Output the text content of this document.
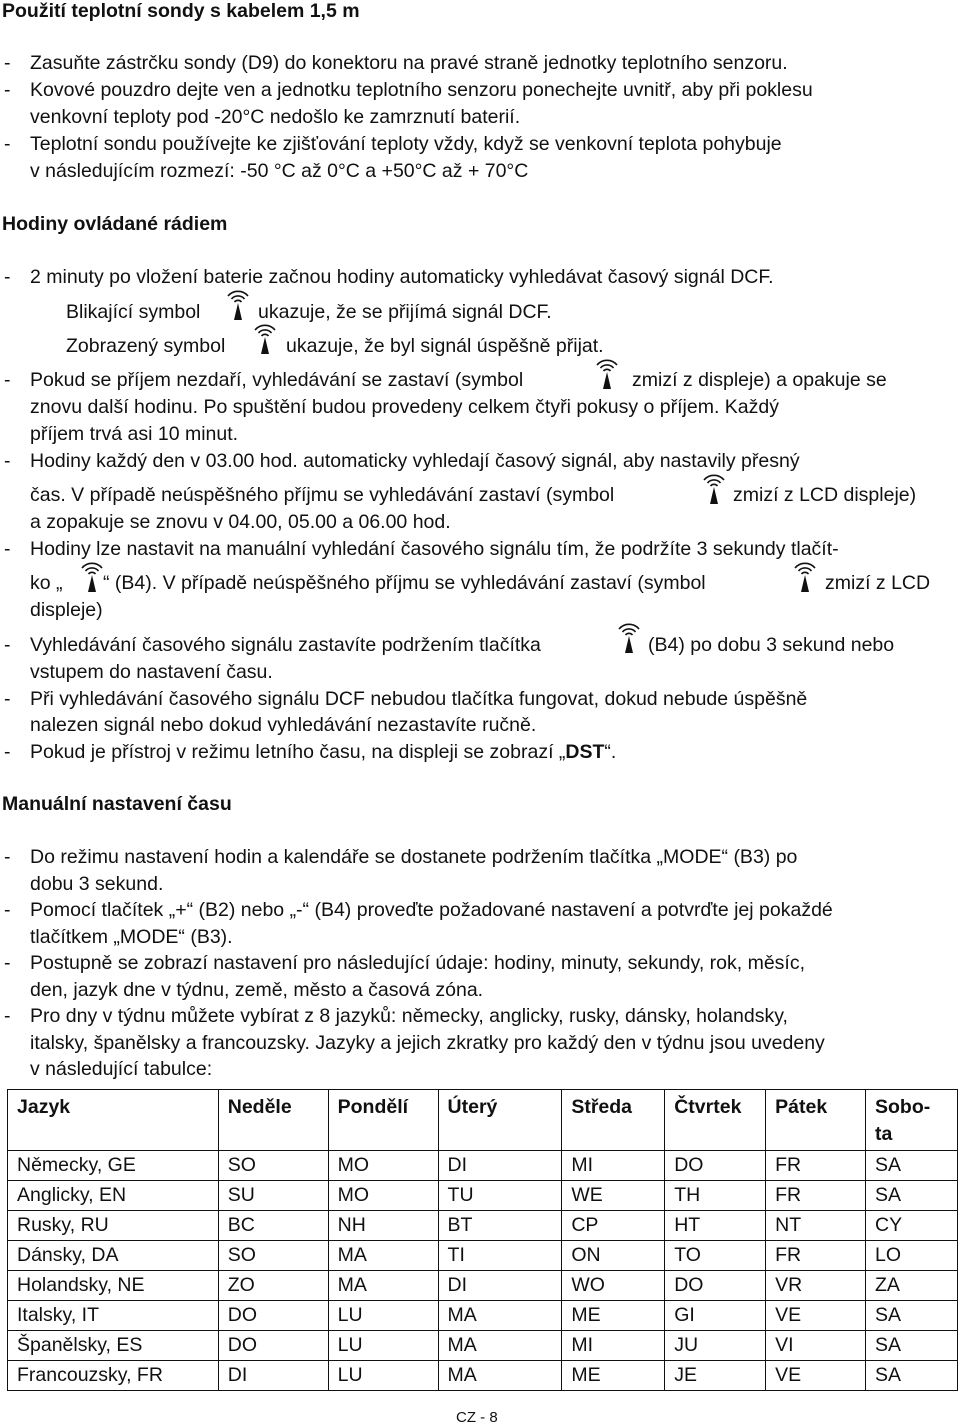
Použití teplotní sondy s kabelem 1,5 m
- Zasuňte zástrčku sondy (D9) do konektoru na pravé straně jednotky teplotního senzoru.
- Kovové pouzdro dejte ven a jednotku teplotního senzoru ponechejte uvnitř, aby při poklesu
venkovní teploty pod -20°C nedošlo ke zamrznutí baterií.
- Teplotní sondu používejte ke zjišťování teploty vždy, když se venkovní teplota pohybuje
v následujícím rozmezí: -50 °C až 0°C a +50°C až + 70°C
Hodiny ovládané rádiem
- 2 minuty po vložení baterie začnou hodiny automaticky vyhledávat časový signál DCF.
Blikající symbol	ukazuje, že se přijímá signál DCF.
Zobrazený symbol	ukazuje, že byl signál úspěšně přijat.
- Pokud se příjem nezdaří, vyhledávání se zastaví (symbol	zmizí z displeje) a opakuje se
znovu další hodinu. Po spuštění budou provedeny celkem čtyři pokusy o příjem. Každý
příjem trvá asi 10 minut.
- Hodiny každý den v 03.00 hod. automaticky vyhledají časový signál, aby nastavily přesný
čas. V případě neúspěšného příjmu se vyhledávání zastaví (symbol	zmizí z LCD displeje)
a zopakuje se znovu v 04.00, 05.00 a 06.00 hod.
- Hodiny lze nastavit na manuální vyhledání časového signálu tím, že podržíte 3 sekundy tlačít-
ko „ “ (B4). V případě neúspěšného příjmu se vyhledávání zastaví (symbol	zmizí z LCD
displeje)
- Vyhledávání časového signálu zastavíte podržením tlačítka	(B4) po dobu 3 sekund nebo
vstupem do nastavení času.
- Při vyhledávání časového signálu DCF nebudou tlačítka fungovat, dokud nebude úspěšně
nalezen signál nebo dokud vyhledávání nezastavíte ručně.
- Pokud je přístroj v režimu letního času, na displeji se zobrazí „DST“.
Manuální nastavení času
- Do režimu nastavení hodin a kalendáře se dostanete podržením tlačítka „MODE“ (B3) po
dobu 3 sekund.
- Pomocí tlačítek „+“ (B2) nebo „-“ (B4) proveďte požadované nastavení a potvrďte jej pokaždé
tlačítkem „MODE“ (B3).
- Postupně se zobrazí nastavení pro následující údaje: hodiny, minuty, sekundy, rok, měsíc,
den, jazyk dne v týdnu, země, město a časová zóna.
- Pro dny v týdnu můžete vybírat z 8 jazyků: německy, anglicky, rusky, dánsky, holandsky,
italsky, španělsky a francouzsky. Jazyky a jejich zkratky pro každý den v týdnu jsou uvedeny
v následující tabulce:
Jazyk	Neděle	Pondělí	Úterý	Středa	Čtvrtek	Pátek	Sobo-
ta
Německy, GE	SO	MO	DI	MI	DO	FR	SA
Anglicky, EN	SU	MO	TU	WE	TH	FR	SA
Rusky, RU	BC	NH	BT	CP	HT	NT	CY
Dánsky, DA	SO	MA	TI	ON	TO	FR	LO
Holandsky, NE	ZO	MA	DI	WO	DO	VR	ZA
Italsky, IT	DO	LU	MA	ME	GI	VE	SA
Španělsky, ES	DO	LU	MA	MI	JU	VI	SA
Francouzsky, FR	DI	LU	MA	ME	JE	VE	SA
CZ - 8
